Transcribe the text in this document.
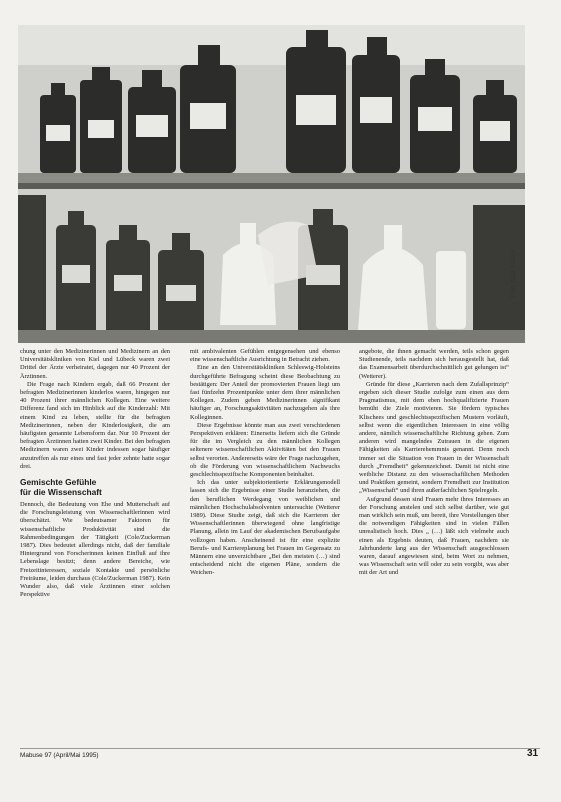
Foto: Gisa Stumm

chung unter den Medizinerinnen und Medizinern an den Universitätskliniken von Kiel und Lübeck waren zwei Drittel der Ärzte verheiratet, dagegen nur 40 Prozent der Ärztinnen.

Die Frage nach Kindern ergab, daß 66 Prozent der befragten Medizinerinnen kinderlos waren, hingegen nur 40 Prozent ihrer männlichen Kollegen. Eine weitere Differenz fand sich im Hinblick auf die Kinderzahl: Mit einem Kind zu leben, stellte für die befragten Medizinerinnen, neben der Kinderlosigkeit, die am häufigsten genannte Lebensform dar. Nur 10 Prozent der befragten Ärztinnen hatten zwei Kinder. Bei den befragten Medizinern waren zwei Kinder indessen sogar häufiger anzutreffen als nur eines und fast jeder zehnte hatte sogar drei.

Gemischte Gefühle
für die Wissenschaft

Dennoch, die Bedeutung von Ehe und Mutterschaft auf die Forschungsleistung von Wissenschaftlerinnen wird überschätzt. Wie bedeutsamer Faktoren für wissenschaftliche Produktivität sind die Rahmenbedingungen der Tätigkeit (Cole/Zuckerman 1987). Dies bedeutet allerdings nicht, daß der familiale Hintergrund von Forscherinnen keinen Einfluß auf ihre Lebenslage besitzt; denn andere Bereiche, wie Freizeitinteressen, soziale Kontakte und persönliche Freiräume, leiden durchaus (Cole/Zuckerman 1987). Kein Wunder also, daß viele Ärztinnen einer solchen Perspektive

mit ambivalenten Gefühlen entgegensehen und ebenso eine wissenschaftliche Ausrichtung in Betracht ziehen.

Eine an den Universitätskliniken Schleswig-Holsteins durchgeführte Befragung scheint diese Beobachtung zu bestätigen: Der Anteil der promovierten Frauen liegt um fast fünfzehn Prozentpunkte unter dem ihrer männlichen Kollegen. Zudem geben Medizinerinnen signifikant häufiger an, Forschungsaktivitäten nachzugehen als ihre Kolleginnen.

Diese Ergebnisse könnte man aus zwei verschiedenen Perspektiven erklären: Einerseits liefern sich die Gründe für die im Vergleich zu den männlichen Kollegen seltenere wissenschaftlichen Aktivitäten bei den Frauen selbst verorten. Andererseits wäre der Frage nachzugehen, ob die Förderung von wissenschaftlichem Nachwuchs geschlechtsspezifische Komponenten beinhaltet.

Ich das unter subjektorientierte Erklärungsmodell lassen sich die Ergebnisse einer Studie heranziehen, die den beruflichen Werdegang von weiblichen und männlichen Hochschulabsolventen untersuchte (Wetterer 1989). Diese Studie zeigt, daß sich die Karrieren der Wissenschaftlerinnen überwiegend ohne langfristige Planung, allein im Lauf der akademischen Berufsaufgabe vollzogen haben. Anscheinend ist für eine explizite Berufs- und Karriereplanung bei Frauen im Gegensatz zu Männern eine unverzichtbare „Bei den meisten (…) sind entscheidend nicht die eigenen Pläne, sondern die Weichen-

angebote, die ihnen gemacht werden, teils schon gegen Studienende, teils nachdem sich herausgestellt hat, daß das Examensarbeit überdurchschnittlich gut gelungen ist“ (Wetterer).

Gründe für diese „Karrieren nach dem Zufallsprinzip“ ergeben sich dieser Studie zufolge zum einen aus dem Pragmatismus, mit dem eben hochqualifizierte Frauen bemüht die Ziele motivieren. Sie fördern typisches Klischees und geschlechtsspezifischen Mustern vorläuft, selbst wenn die eigentlichen Interessen in eine völlig andere, nämlich wissenschaftliche Richtung gehen. Zum anderen wird mangelndes Zutrauen in die eigenen Fähigkeiten als Karrierehemmnis genannt. Denn noch immer sei die Situation von Frauen in der Wissenschaft durch „Fremdheit“ gekennzeichnet. Damit ist nicht eine weibliche Distanz zu den wissenschaftlichen Methoden und Praktiken gemeint, sondern Fremdheit zur Institution „Wissenschaft“ und ihren außerfachlichen Spielregeln.

Aufgrund dessen sind Frauen mehr ihres Interesses an der Forschung anstelen und sich selbst darüber, wie gut man wirklich sein muß, um bereit, ihre Vorstellungen über die notwendigen Fähigkeiten sind in vielen Fällen unrealistisch hoch. Dies „ (…) läßt sich vielmehr auch einen als Ergebnis deuten, daß Frauen, nachdem sie Jahrhunderte lang aus der Wissenschaft ausgeschlossen waren, darauf angewiesen sind, beim Wort zu nehmen, was Wissenschaft sein will oder zu sein vorgibt, was aber mit der Art und

Mabuse 97 (April/Mai 1995)	31
